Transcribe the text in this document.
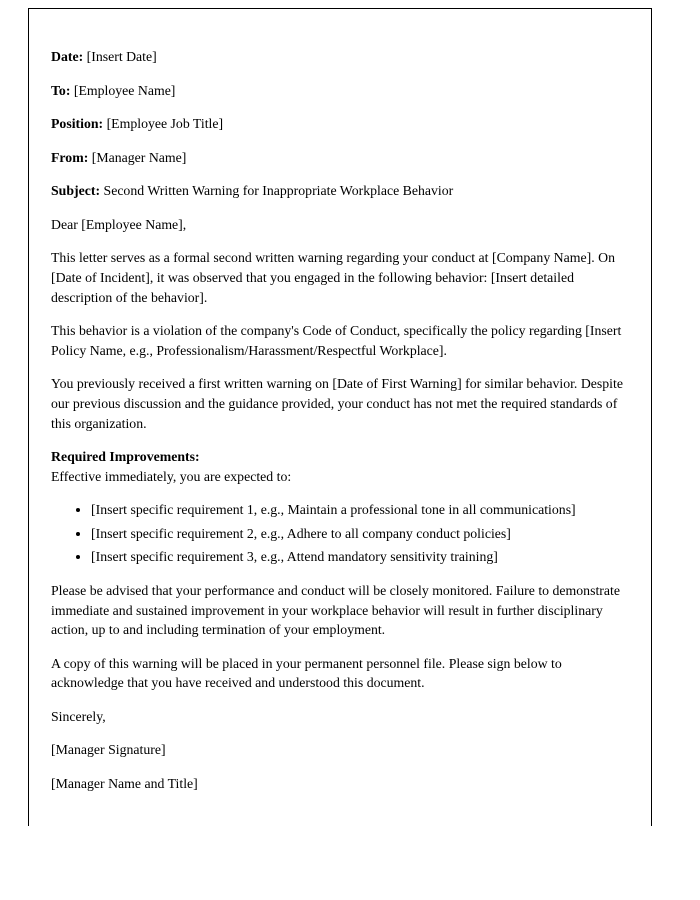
Date: [Insert Date]

To: [Employee Name]

Position: [Employee Job Title]

From: [Manager Name]

Subject: Second Written Warning for Inappropriate Workplace Behavior

Dear [Employee Name],

This letter serves as a formal second written warning regarding your conduct at [Company Name]. On [Date of Incident], it was observed that you engaged in the following behavior: [Insert detailed description of the behavior].

This behavior is a violation of the company's Code of Conduct, specifically the policy regarding [Insert Policy Name, e.g., Professionalism/Harassment/Respectful Workplace].

You previously received a first written warning on [Date of First Warning] for similar behavior. Despite our previous discussion and the guidance provided, your conduct has not met the required standards of this organization.

Required Improvements:
Effective immediately, you are expected to:

• [Insert specific requirement 1, e.g., Maintain a professional tone in all communications]
• [Insert specific requirement 2, e.g., Adhere to all company conduct policies]
• [Insert specific requirement 3, e.g., Attend mandatory sensitivity training]

Please be advised that your performance and conduct will be closely monitored. Failure to demonstrate immediate and sustained improvement in your workplace behavior will result in further disciplinary action, up to and including termination of your employment.

A copy of this warning will be placed in your permanent personnel file. Please sign below to acknowledge that you have received and understood this document.

Sincerely,

[Manager Signature]

[Manager Name and Title]
